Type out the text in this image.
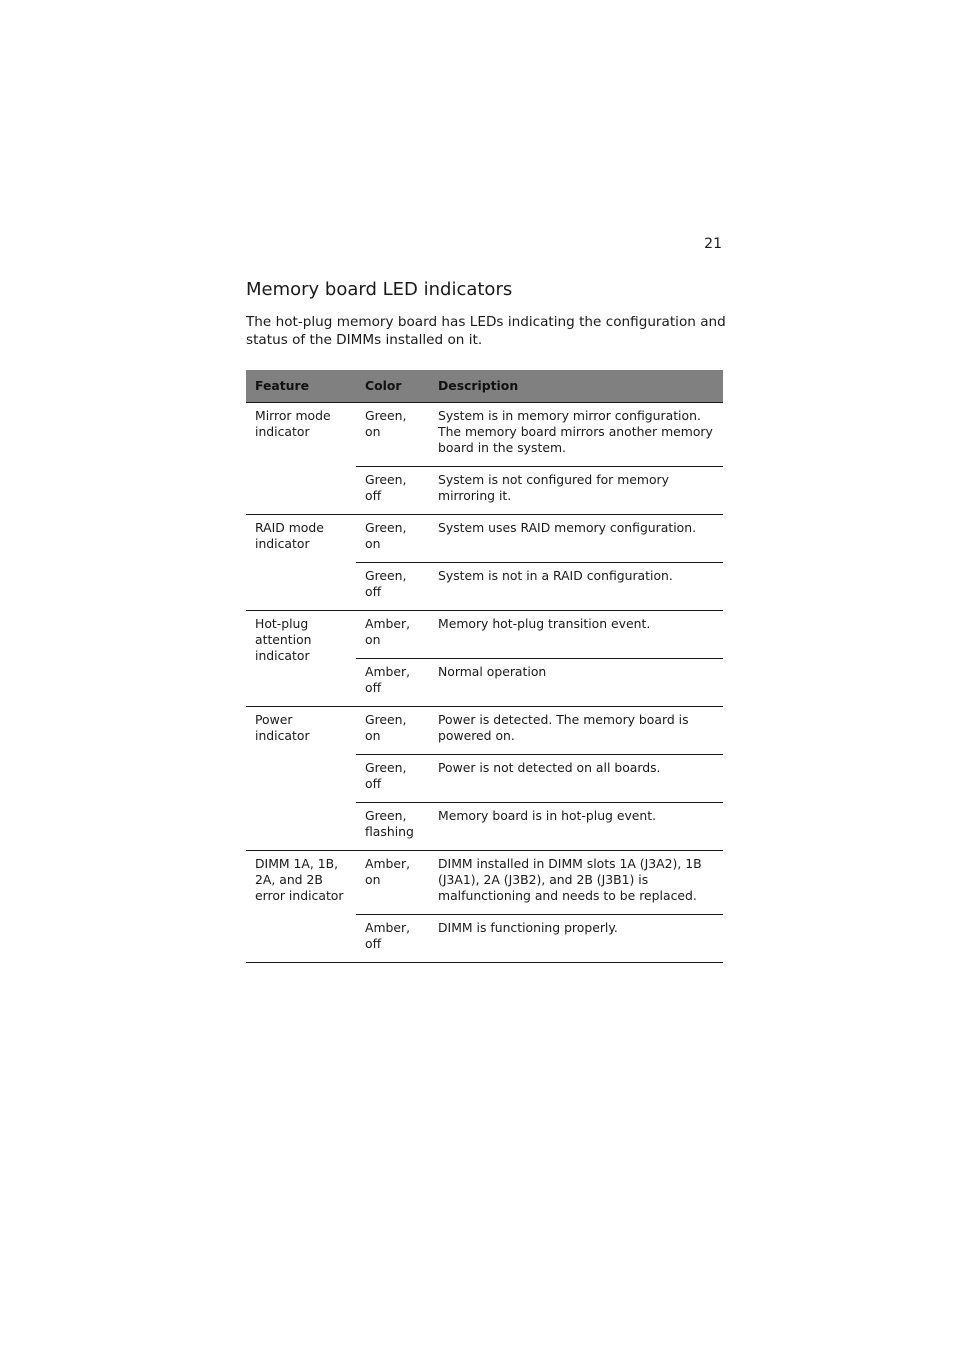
21
Memory board LED indicators

The hot-plug memory board has LEDs indicating the configuration and status of the DIMMs installed on it.

Feature	Color	Description
Mirror mode indicator	Green, on	System is in memory mirror configuration. The memory board mirrors another memory board in the system.
	Green, off	System is not configured for memory mirroring it.
RAID mode indicator	Green, on	System uses RAID memory configuration.
	Green, off	System is not in a RAID configuration.
Hot-plug attention indicator	Amber, on	Memory hot-plug transition event.
	Amber, off	Normal operation
Power indicator	Green, on	Power is detected. The memory board is powered on.
	Green, off	Power is not detected on all boards.
	Green, flashing	Memory board is in hot-plug event.
DIMM 1A, 1B, 2A, and 2B error indicator	Amber, on	DIMM installed in DIMM slots 1A (J3A2), 1B (J3A1), 2A (J3B2), and 2B (J3B1) is malfunctioning and needs to be replaced.
	Amber, off	DIMM is functioning properly.
